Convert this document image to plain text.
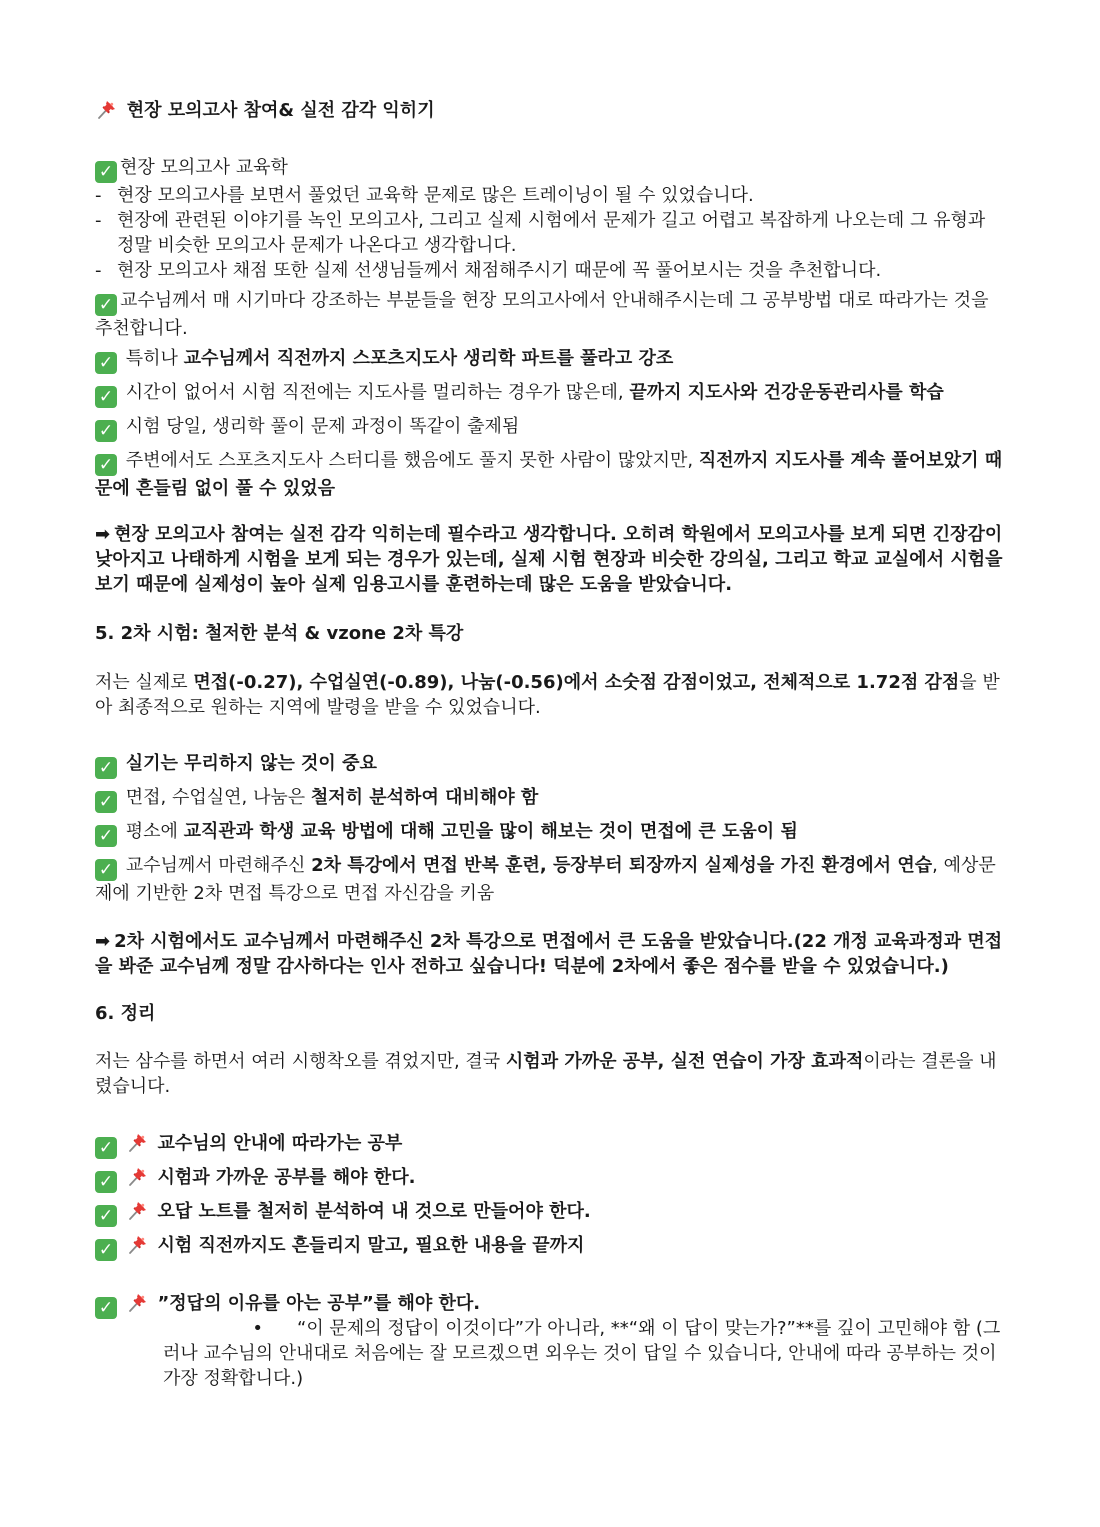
현장 모의고사 참여& 실전 감각 익히기
✓ 현장 모의고사 교육학
- 현장 모의고사를 보면서 풀었던 교육학 문제로 많은 트레이닝이 될 수 있었습니다.
- 현장에 관련된 이야기를 녹인 모의고사, 그리고 실제 시험에서 문제가 길고 어렵고 복잡하게 나오는데 그 유형과 정말 비슷한 모의고사 문제가 나온다고 생각합니다.
- 현장 모의고사 채점 또한 실제 선생님들께서 채점해주시기 때문에 꼭 풀어보시는 것을 추천합니다.
✓ 교수님께서 매 시기마다 강조하는 부분들을 현장 모의고사에서 안내해주시는데 그 공부방법 대로 따라가는 것을 추천합니다.
✓ 특히나 교수님께서 직전까지 스포츠지도사 생리학 파트를 풀라고 강조
✓ 시간이 없어서 시험 직전에는 지도사를 멀리하는 경우가 많은데, 끝까지 지도사와 건강운동관리사를 학습
✓ 시험 당일, 생리학 풀이 문제 과정이 똑같이 출제됨
✓ 주변에서도 스포츠지도사 스터디를 했음에도 풀지 못한 사람이 많았지만, 직전까지 지도사를 계속 풀어보았기 때문에 흔들림 없이 풀 수 있었음
➡ 현장 모의고사 참여는 실전 감각 익히는데 필수라고 생각합니다. 오히려 학원에서 모의고사를 보게 되면 긴장감이 낮아지고 나태하게 시험을 보게 되는 경우가 있는데, 실제 시험 현장과 비슷한 강의실, 그리고 학교 교실에서 시험을 보기 때문에 실제성이 높아 실제 임용고시를 훈련하는데 많은 도움을 받았습니다.
5. 2차 시험: 철저한 분석 & vzone 2차 특강
저는 실제로 면접(-0.27), 수업실연(-0.89), 나눔(-0.56)에서 소숫점 감점이었고, 전체적으로 1.72점 감점을 받아 최종적으로 원하는 지역에 발령을 받을 수 있었습니다.
✓ 실기는 무리하지 않는 것이 중요
✓ 면접, 수업실연, 나눔은 철저히 분석하여 대비해야 함
✓ 평소에 교직관과 학생 교육 방법에 대해 고민을 많이 해보는 것이 면접에 큰 도움이 됨
✓ 교수님께서 마련해주신 2차 특강에서 면접 반복 훈련, 등장부터 퇴장까지 실제성을 가진 환경에서 연습, 예상문제에 기반한 2차 면접 특강으로 면접 자신감을 키움
➡ 2차 시험에서도 교수님께서 마련해주신 2차 특강으로 면접에서 큰 도움을 받았습니다.(22 개정 교육과정과 면접을 봐준 교수님께 정말 감사하다는 인사 전하고 싶습니다! 덕분에 2차에서 좋은 점수를 받을 수 있었습니다.)
6. 정리
저는 삼수를 하면서 여러 시행착오를 겪었지만, 결국 시험과 가까운 공부, 실전 연습이 가장 효과적이라는 결론을 내렸습니다.
✓ 교수님의 안내에 따라가는 공부
✓ 시험과 가까운 공부를 해야 한다.
✓ 오답 노트를 철저히 분석하여 내 것으로 만들어야 한다.
✓ 시험 직전까지도 흔들리지 말고, 필요한 내용을 끝까지
✓ ”정답의 이유를 아는 공부”를 해야 한다.
• “이 문제의 정답이 이것이다”가 아니라, **“왜 이 답이 맞는가?”**를 깊이 고민해야 함 (그러나 교수님의 안내대로 처음에는 잘 모르겠으면 외우는 것이 답일 수 있습니다, 안내에 따라 공부하는 것이 가장 정확합니다.)
